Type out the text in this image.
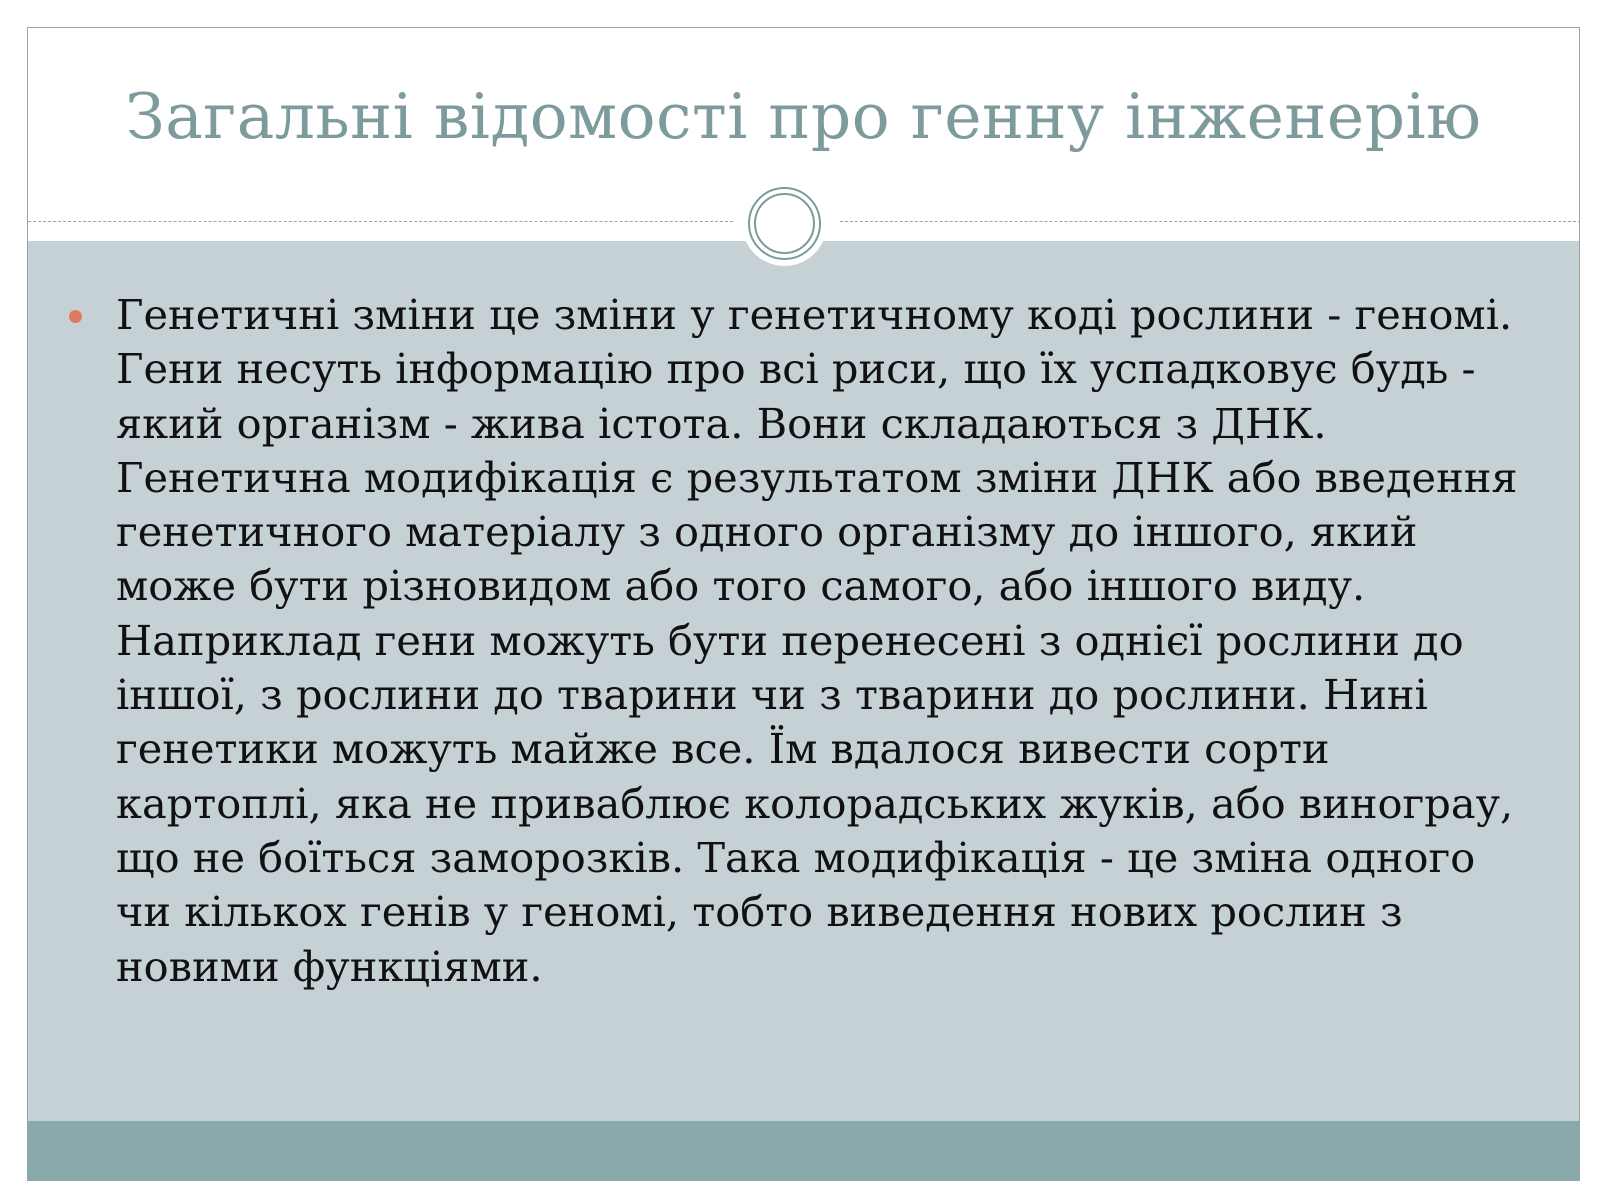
Загальні відомості про генну інженерію

Генетичні зміни це зміни у генетичному коді рослини - геномі. Гени несуть інформацію про всі риси, що їх успадковує будь - який організм - жива істота. Вони складаються з ДНК. Генетична модифікація є результатом зміни ДНК або введення генетичного матеріалу з одного організму до іншого, який може бути різновидом або того самого, або іншого виду.

Наприклад гени можуть бути перенесені з однієї рослини до іншої, з рослини до тварини чи з тварини до рослини. Нині генетики можуть майже все. Їм вдалося вивести сорти картоплі, яка не приваблює колорадських жуків, або винограу, що не боїться заморозків. Така модифікація - це зміна одного чи кількох генів у геномі, тобто виведення нових рослин з новими функціями.
